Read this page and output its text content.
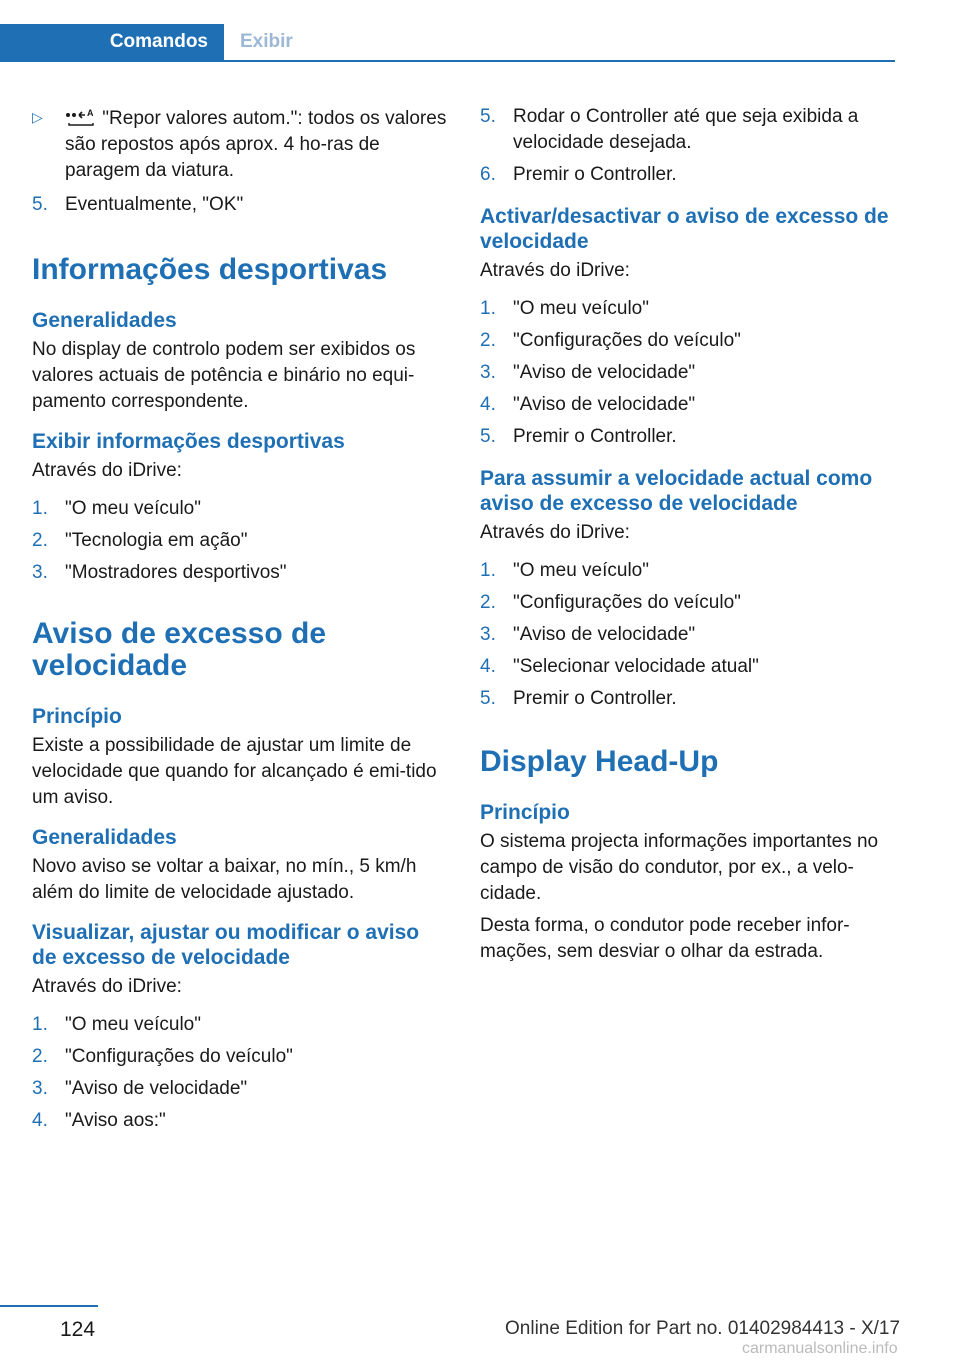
Comandos	Exibir
▷	A "Repor valores autom.": todos os valores são repostos após aprox. 4 ho‐ras de paragem da viatura.

5. Eventualmente, "OK"
Informações desportivas
Generalidades

No display de controlo podem ser exibidos os valores actuais de potência e binário no equi‐pamento correspondente.

Exibir informações desportivas

Através do iDrive:

1. "O meu veículo"
2. "Tecnologia em ação"
3. "Mostradores desportivos"
Aviso de excesso de velocidade
Princípio

Existe a possibilidade de ajustar um limite de velocidade que quando for alcançado é emi‐tido um aviso.

Generalidades

Novo aviso se voltar a baixar, no mín., 5 km/h além do limite de velocidade ajustado.

Visualizar, ajustar ou modificar o aviso de excesso de velocidade

Através do iDrive:

1. "O meu veículo"
2. "Configurações do veículo"
3. "Aviso de velocidade"
4. "Aviso aos:"
5. Rodar o Controller até que seja exibida a velocidade desejada.
6. Premir o Controller.
Activar/desactivar o aviso de excesso de velocidade

Através do iDrive:

1. "O meu veículo"
2. "Configurações do veículo"
3. "Aviso de velocidade"
4. "Aviso de velocidade"
5. Premir o Controller.
Para assumir a velocidade actual como aviso de excesso de velocidade

Através do iDrive:

1. "O meu veículo"
2. "Configurações do veículo"
3. "Aviso de velocidade"
4. "Selecionar velocidade atual"
5. Premir o Controller.
Display Head-Up
Princípio

O sistema projecta informações importantes no campo de visão do condutor, por ex., a velo‐cidade.

Desta forma, o condutor pode receber infor‐mações, sem desviar o olhar da estrada.

124	Online Edition for Part no. 01402984413 - X/17
carmanualsonline.info
